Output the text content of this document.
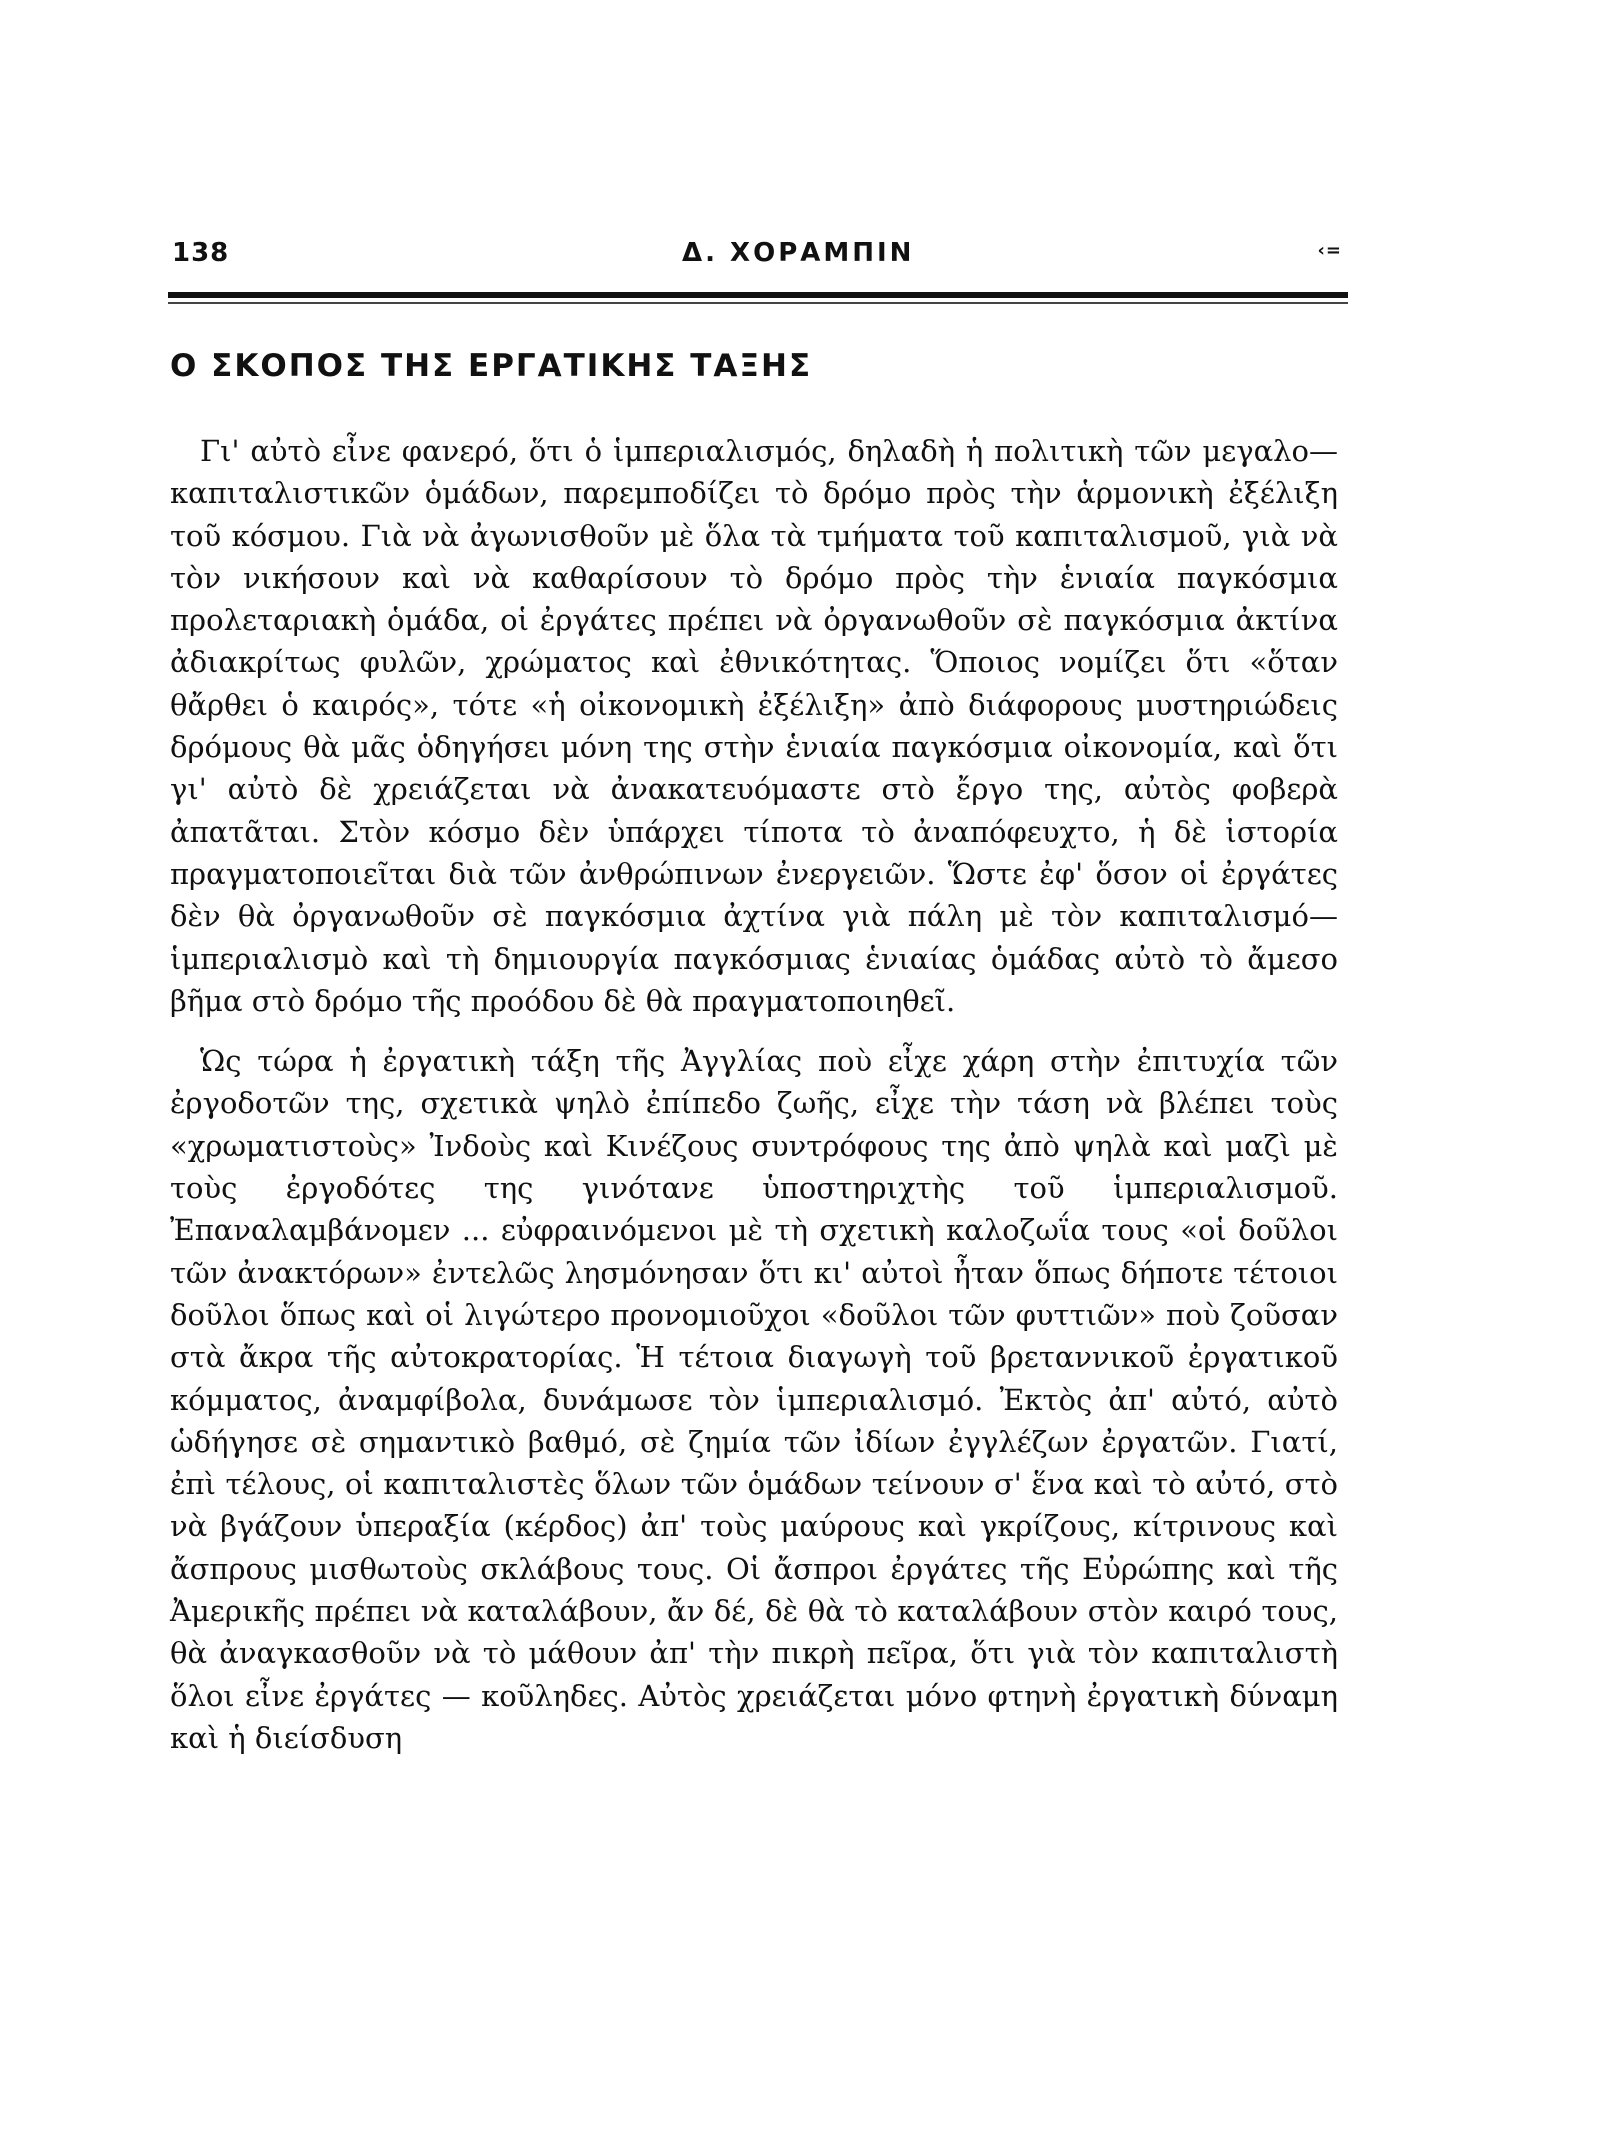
138	Δ. ΧΟΡΑΜΠΙΝ	‹=
Ο ΣΚΟΠΟΣ ΤΗΣ ΕΡΓΑΤΙΚΗΣ ΤΑΞΗΣ

Γι' αὐτὸ εἶνε φανερό, ὅτι ὁ ἱμπεριαλισμός, δηλαδὴ ἡ πολιτικὴ τῶν μεγαλο—καπιταλιστικῶν ὁμάδων, παρεμποδίζει τὸ δρόμο πρὸς τὴν ἁρμονικὴ ἐξέλιξη τοῦ κόσμου. Γιὰ νὰ ἀγωνισθοῦν μὲ ὅλα τὰ τμήματα τοῦ καπιταλισμοῦ, γιὰ νὰ τὸν νικήσουν καὶ νὰ καθαρίσουν τὸ δρόμο πρὸς τὴν ἑνιαία παγκόσμια προλεταριακὴ ὁμάδα, οἱ ἐργάτες πρέπει νὰ ὀργανωθοῦν σὲ παγκόσμια ἀκτίνα ἀδιακρίτως φυλῶν, χρώματος καὶ ἐθνικότητας. Ὅποιος νομίζει ὅτι «ὅταν θἄρθει ὁ καιρός», τότε «ἡ οἰκονομικὴ ἐξέλιξη» ἀπὸ διάφορους μυστηριώδεις δρόμους θὰ μᾶς ὁδηγήσει μόνη της στὴν ἑνιαία παγκόσμια οἰκονομία, καὶ ὅτι γι' αὐτὸ δὲ χρειάζεται νὰ ἀνακατευόμαστε στὸ ἔργο της, αὐτὸς φοβερὰ ἀπατᾶται. Στὸν κόσμο δὲν ὑπάρχει τίποτα τὸ ἀναπόφευχτο, ἡ δὲ ἱστορία πραγματοποιεῖται διὰ τῶν ἀνθρώπινων ἐνεργειῶν. Ὥστε ἐφ' ὅσον οἱ ἐργάτες δὲν θὰ ὀργανωθοῦν σὲ παγκόσμια ἀχτίνα γιὰ πάλη μὲ τὸν καπιταλισμό—ἱμπεριαλισμὸ καὶ τὴ δημιουργία παγκόσμιας ἑνιαίας ὁμάδας αὐτὸ τὸ ἄμεσο βῆμα στὸ δρόμο τῆς προόδου δὲ θὰ πραγματοποιηθεῖ.

Ὡς τώρα ἡ ἐργατικὴ τάξη τῆς Ἀγγλίας ποὺ εἶχε χάρη στὴν ἐπιτυχία τῶν ἐργοδοτῶν της, σχετικὰ ψηλὸ ἐπίπεδο ζωῆς, εἶχε τὴν τάση νὰ βλέπει τοὺς «χρωματιστοὺς» Ἰνδοὺς καὶ Κινέζους συντρόφους της ἀπὸ ψηλὰ καὶ μαζὶ μὲ τοὺς ἐργοδότες της γινότανε ὑποστηριχτὴς τοῦ ἱμπεριαλισμοῦ. Ἐπαναλαμβάνομεν ... εὐφραινόμενοι μὲ τὴ σχετικὴ καλοζωΐα τους «οἱ δοῦλοι τῶν ἀνακτόρων» ἐντελῶς λησμόνησαν ὅτι κι' αὐτοὶ ἦταν ὅπως δήποτε τέτοιοι δοῦλοι ὅπως καὶ οἱ λιγώτερο προνομιοῦχοι «δοῦλοι τῶν φυττιῶν» ποὺ ζοῦσαν στὰ ἄκρα τῆς αὐτοκρατορίας. Ἡ τέτοια διαγωγὴ τοῦ βρεταννικοῦ ἐργατικοῦ κόμματος, ἀναμφίβολα, δυνάμωσε τὸν ἱμπεριαλισμό. Ἐκτὸς ἀπ' αὐτό, αὐτὸ ὡδήγησε σὲ σημαντικὸ βαθμό, σὲ ζημία τῶν ἰδίων ἐγγλέζων ἐργατῶν. Γιατί, ἐπὶ τέλους, οἱ καπιταλιστὲς ὅλων τῶν ὁμάδων τείνουν σ' ἕνα καὶ τὸ αὐτό, στὸ νὰ βγάζουν ὑπεραξία (κέρδος) ἀπ' τοὺς μαύρους καὶ γκρίζους, κίτρινους καὶ ἄσπρους μισθωτοὺς σκλάβους τους. Οἱ ἄσπροι ἐργάτες τῆς Εὐρώπης καὶ τῆς Ἀμερικῆς πρέπει νὰ καταλάβουν, ἄν δέ, δὲ θὰ τὸ καταλάβουν στὸν καιρό τους, θὰ ἀναγκασθοῦν νὰ τὸ μάθουν ἀπ' τὴν πικρὴ πεῖρα, ὅτι γιὰ τὸν καπιταλιστὴ ὅλοι εἶνε ἐργάτες — κοῦληδες. Αὐτὸς χρειάζεται μόνο φτηνὴ ἐργατικὴ δύναμη καὶ ἡ διείσδυση
